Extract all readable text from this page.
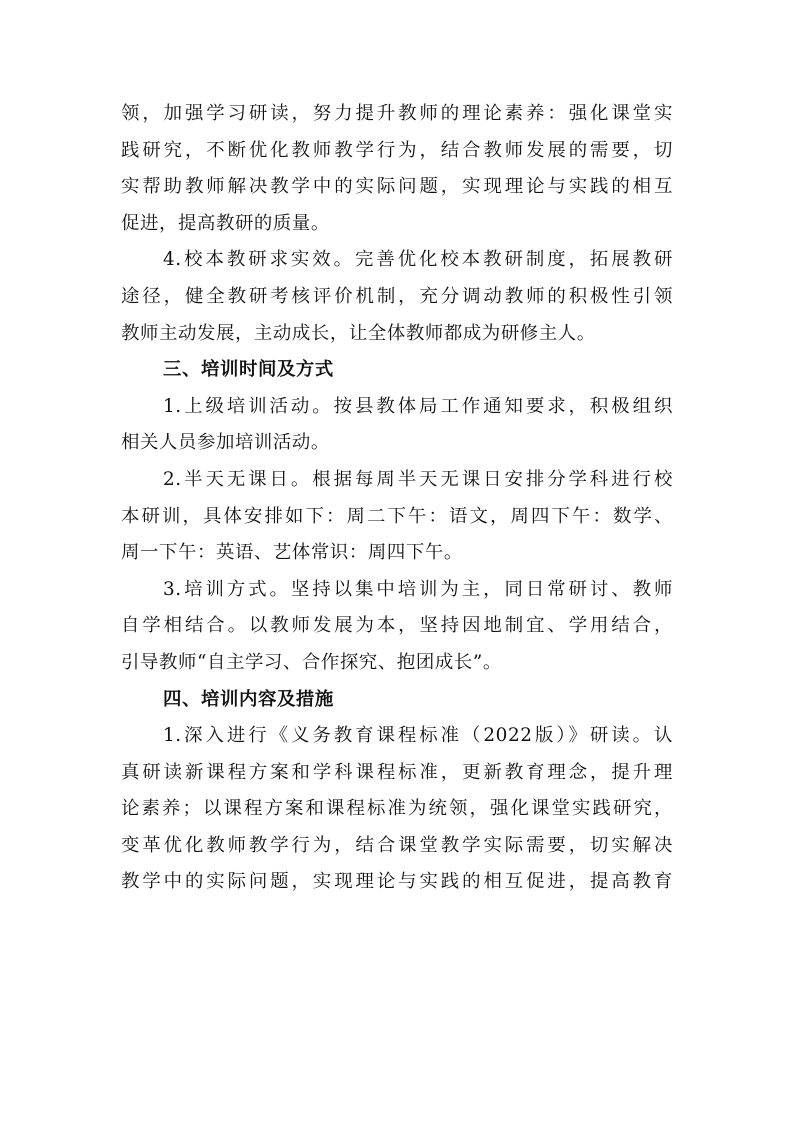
领，加强学习研读，努力提升教师的理论素养：强化课堂实
践研究，不断优化教师教学行为，结合教师发展的需要，切
实帮助教师解决教学中的实际问题，实现理论与实践的相互
促进，提高教研的质量。
4.校本教研求实效。完善优化校本教研制度，拓展教研
途径，健全教研考核评价机制，充分调动教师的积极性引领
教师主动发展，主动成长，让全体教师都成为研修主人。
三、培训时间及方式
1.上级培训活动。按县教体局工作通知要求，积极组织
相关人员参加培训活动。
2.半天无课日。根据每周半天无课日安排分学科进行校
本研训，具体安排如下：周二下午：语文，周四下午：数学、
周一下午：英语、艺体常识：周四下午。
3.培训方式。坚持以集中培训为主，同日常研讨、教师
自学相结合。以教师发展为本，坚持因地制宜、学用结合，
引导教师“自主学习、合作探究、抱团成长”。
四、培训内容及措施
1.深入进行《义务教育课程标准（2022版）》研读。认
真研读新课程方案和学科课程标准，更新教育理念，提升理
论素养；以课程方案和课程标准为统领，强化课堂实践研究，
变革优化教师教学行为，结合课堂教学实际需要，切实解决
教学中的实际问题，实现理论与实践的相互促进，提高教育
